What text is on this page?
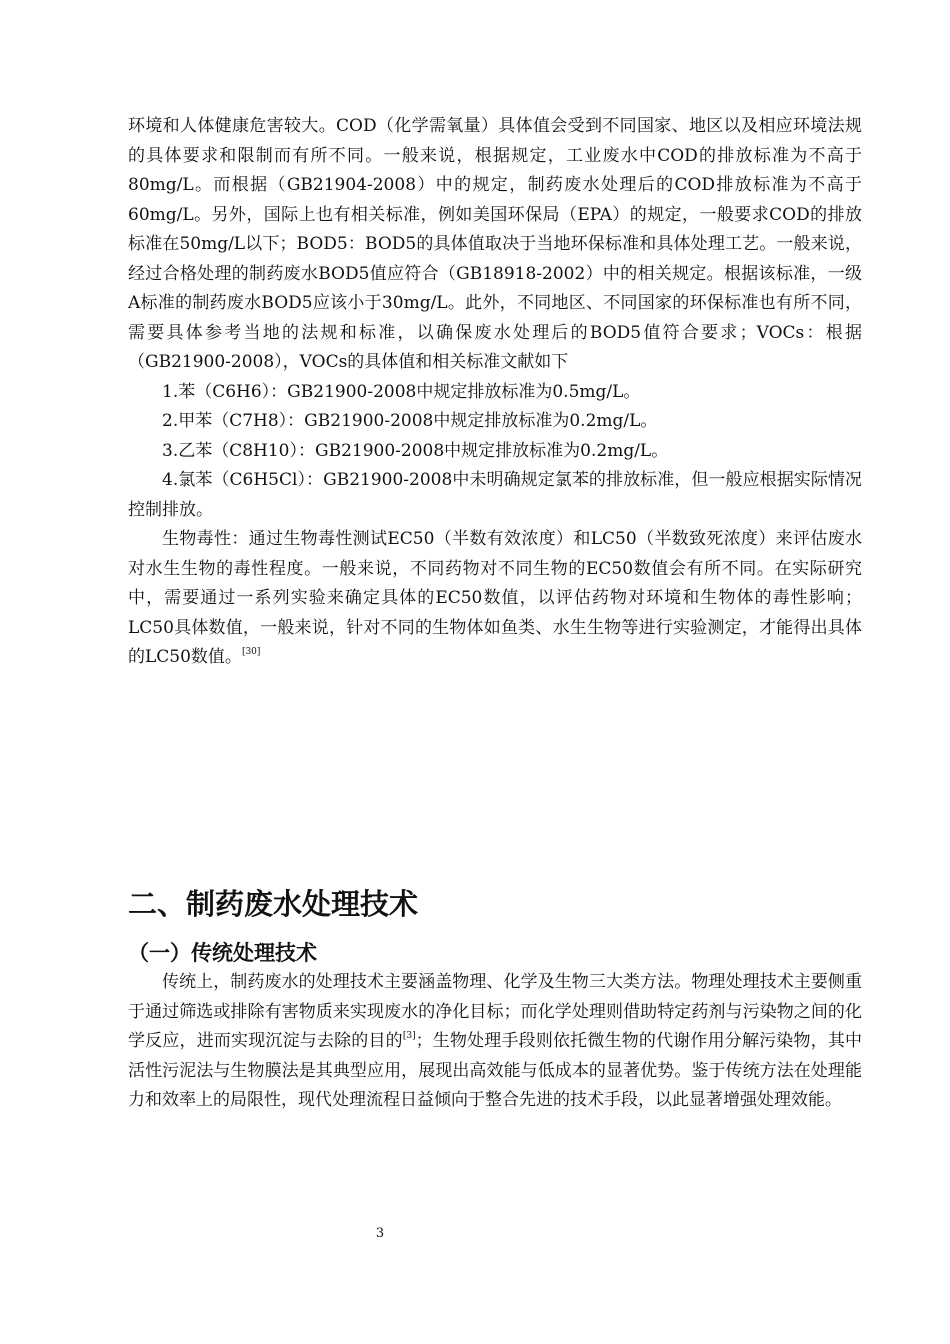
环境和人体健康危害较大。COD（化学需氧量）具体值会受到不同国家、地区以及相应环境法规的具体要求和限制而有所不同。一般来说，根据规定，工业废水中COD的排放标准为不高于80mg/L。而根据（GB21904-2008）中的规定，制药废水处理后的COD排放标准为不高于60mg/L。另外，国际上也有相关标准，例如美国环保局（EPA）的规定，一般要求COD的排放标准在50mg/L以下；BOD5：BOD5的具体值取决于当地环保标准和具体处理工艺。一般来说，经过合格处理的制药废水BOD5值应符合（GB18918-2002）中的相关规定。根据该标准，一级A标准的制药废水BOD5应该小于30mg/L。此外，不同地区、不同国家的环保标准也有所不同，需要具体参考当地的法规和标准，以确保废水处理后的BOD5值符合要求；VOCs：根据（GB21900-2008），VOCs的具体值和相关标准文献如下

1.苯（C6H6）：GB21900-2008中规定排放标准为0.5mg/L。

2.甲苯（C7H8）：GB21900-2008中规定排放标准为0.2mg/L。

3.乙苯（C8H10）：GB21900-2008中规定排放标准为0.2mg/L。

4.氯苯（C6H5Cl）：GB21900-2008中未明确规定氯苯的排放标准，但一般应根据实际情况控制排放。

生物毒性：通过生物毒性测试EC50（半数有效浓度）和LC50（半数致死浓度）来评估废水对水生生物的毒性程度。一般来说，不同药物对不同生物的EC50数值会有所不同。在实际研究中，需要通过一系列实验来确定具体的EC50数值，以评估药物对环境和生物体的毒性影响；LC50具体数值，一般来说，针对不同的生物体如鱼类、水生生物等进行实验测定，才能得出具体的LC50数值。[30]

二、制药废水处理技术
（一）传统处理技术

传统上，制药废水的处理技术主要涵盖物理、化学及生物三大类方法。物理处理技术主要侧重于通过筛选或排除有害物质来实现废水的净化目标；而化学处理则借助特定药剂与污染物之间的化学反应，进而实现沉淀与去除的目的[3]；生物处理手段则依托微生物的代谢作用分解污染物，其中活性污泥法与生物膜法是其典型应用，展现出高效能与低成本的显著优势。鉴于传统方法在处理能力和效率上的局限性，现代处理流程日益倾向于整合先进的技术手段，以此显著增强处理效能。

3
